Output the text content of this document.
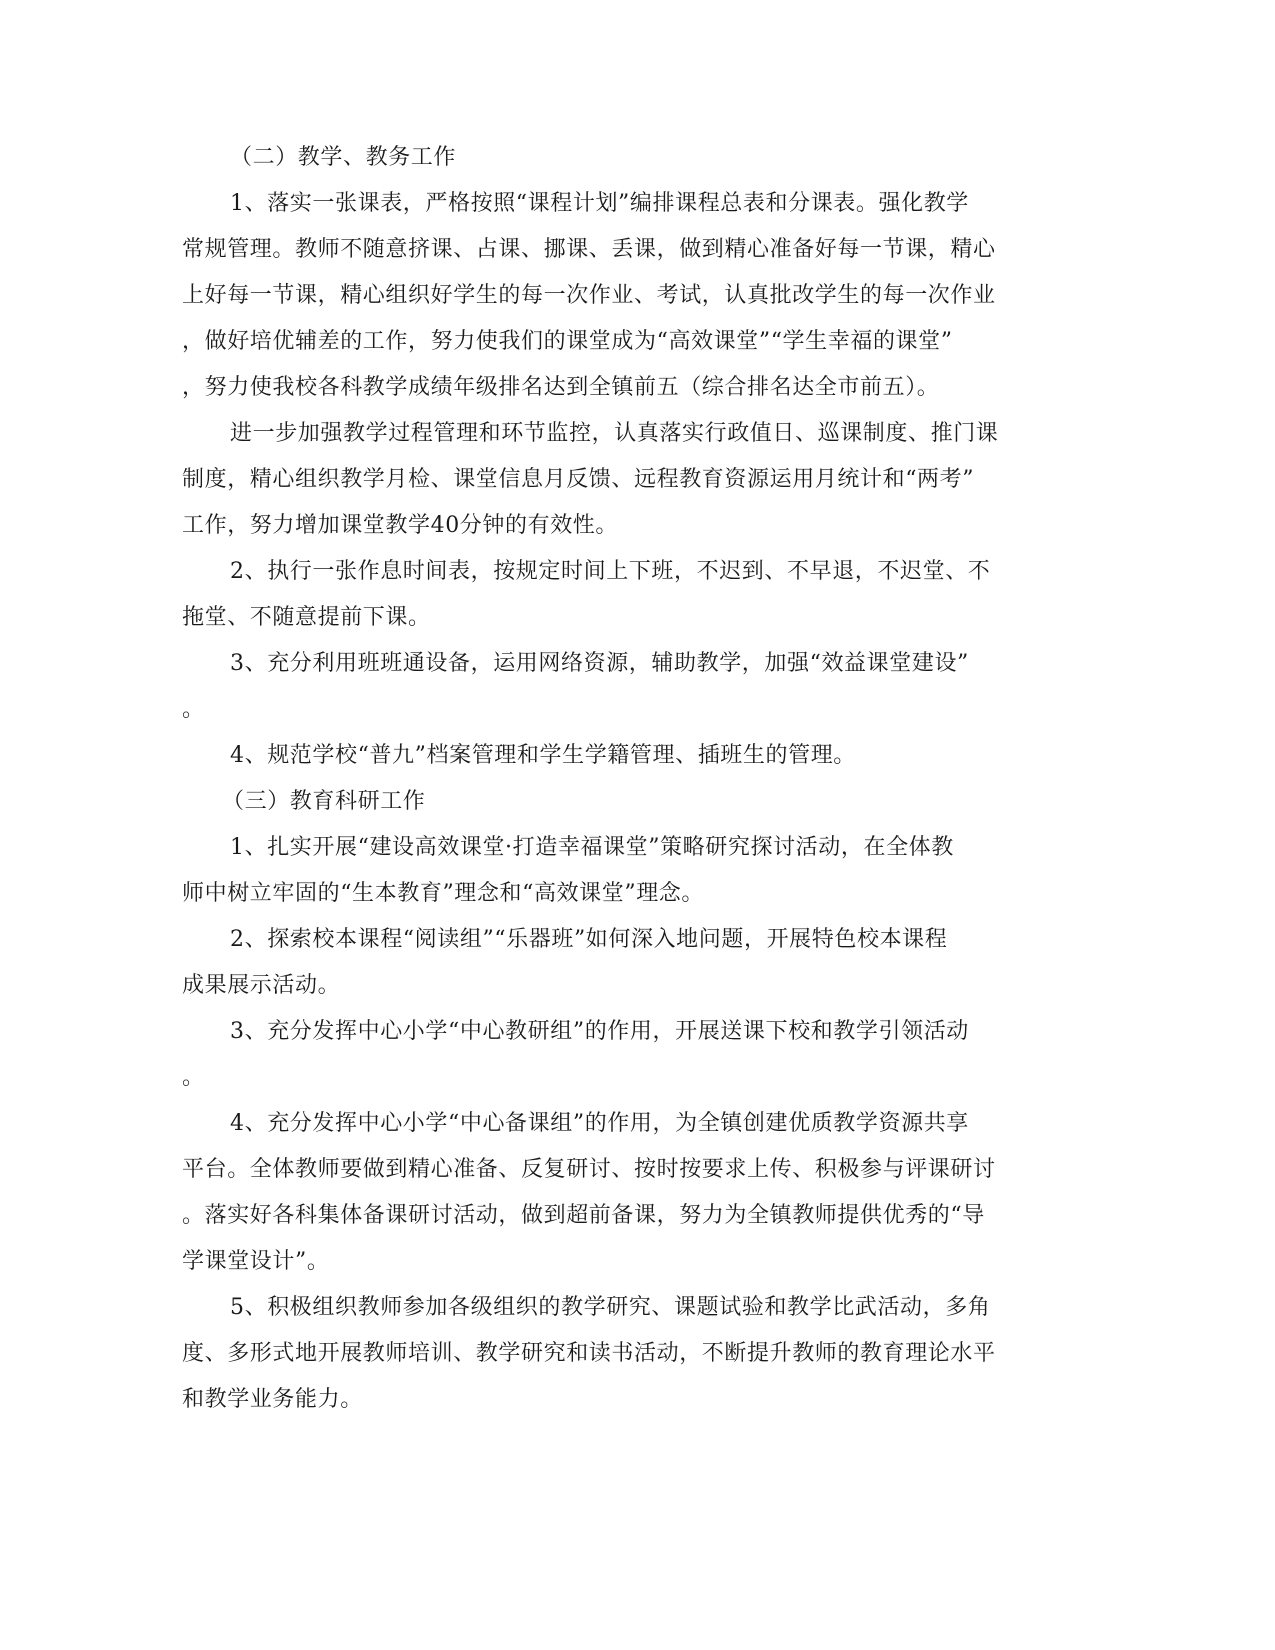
（二）教学、教务工作
1、落实一张课表，严格按照“课程计划”编排课程总表和分课表。强化教学
常规管理。教师不随意挤课、占课、挪课、丢课，做到精心准备好每一节课，精心
上好每一节课，精心组织好学生的每一次作业、考试，认真批改学生的每一次作业
，做好培优辅差的工作，努力使我们的课堂成为“高效课堂”“学生幸福的课堂”
，努力使我校各科教学成绩年级排名达到全镇前五（综合排名达全市前五）。
进一步加强教学过程管理和环节监控，认真落实行政值日、巡课制度、推门课
制度，精心组织教学月检、课堂信息月反馈、远程教育资源运用月统计和“两考”
工作，努力增加课堂教学40分钟的有效性。
2、执行一张作息时间表，按规定时间上下班，不迟到、不早退，不迟堂、不
拖堂、不随意提前下课。
3、充分利用班班通设备，运用网络资源，辅助教学，加强“效益课堂建设”
。
4、规范学校“普九”档案管理和学生学籍管理、插班生的管理。
（三）教育科研工作
1、扎实开展“建设高效课堂·打造幸福课堂”策略研究探讨活动，在全体教
师中树立牢固的“生本教育”理念和“高效课堂”理念。
2、探索校本课程“阅读组”“乐器班”如何深入地问题，开展特色校本课程
成果展示活动。
3、充分发挥中心小学“中心教研组”的作用，开展送课下校和教学引领活动
。
4、充分发挥中心小学“中心备课组”的作用，为全镇创建优质教学资源共享
平台。全体教师要做到精心准备、反复研讨、按时按要求上传、积极参与评课研讨
。落实好各科集体备课研讨活动，做到超前备课，努力为全镇教师提供优秀的“导
学课堂设计”。
5、积极组织教师参加各级组织的教学研究、课题试验和教学比武活动，多角
度、多形式地开展教师培训、教学研究和读书活动，不断提升教师的教育理论水平
和教学业务能力。
